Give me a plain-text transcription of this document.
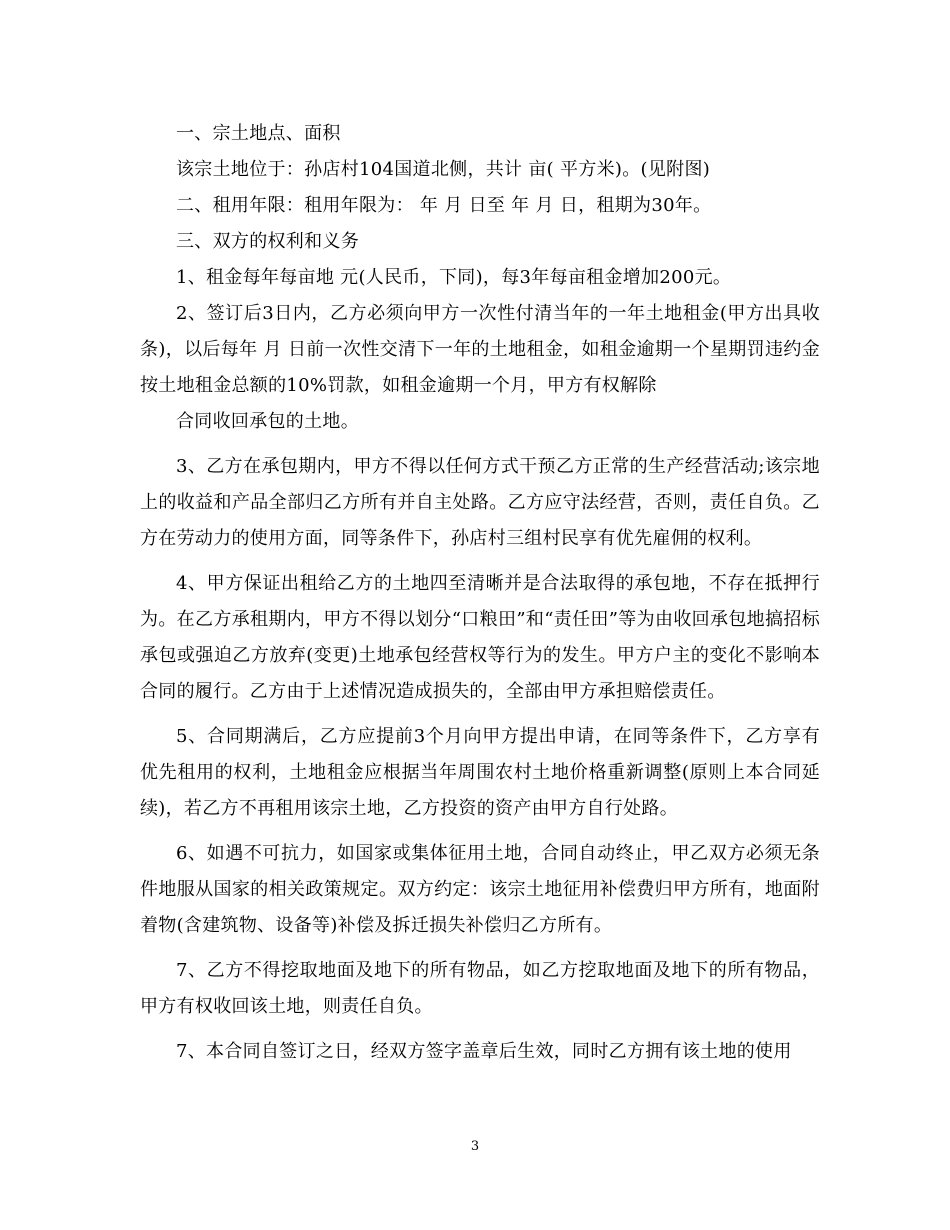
一、宗土地点、面积

该宗土地位于：孙店村104国道北侧，共计 亩( 平方米)。(见附图)

二、租用年限：租用年限为： 年 月 日至 年 月 日，租期为30年。

三、双方的权利和义务

1、租金每年每亩地 元(人民币，下同)，每3年每亩租金增加200元。

2、签订后3日内，乙方必须向甲方一次性付清当年的一年土地租金(甲方出具收条)，以后每年 月 日前一次性交清下一年的土地租金，如租金逾期一个星期罚违约金按土地租金总额的10%罚款，如租金逾期一个月，甲方有权解除

合同收回承包的土地。

3、乙方在承包期内，甲方不得以任何方式干预乙方正常的生产经营活动;该宗地上的收益和产品全部归乙方所有并自主处路。乙方应守法经营，否则，责任自负。乙方在劳动力的使用方面，同等条件下，孙店村三组村民享有优先雇佣的权利。

4、甲方保证出租给乙方的土地四至清晰并是合法取得的承包地，不存在抵押行为。在乙方承租期内，甲方不得以划分“口粮田”和“责任田”等为由收回承包地搞招标承包或强迫乙方放弃(变更)土地承包经营权等行为的发生。甲方户主的变化不影响本合同的履行。乙方由于上述情况造成损失的，全部由甲方承担赔偿责任。

5、合同期满后，乙方应提前3个月向甲方提出申请，在同等条件下，乙方享有优先租用的权利，土地租金应根据当年周围农村土地价格重新调整(原则上本合同延续)，若乙方不再租用该宗土地，乙方投资的资产由甲方自行处路。

6、如遇不可抗力，如国家或集体征用土地，合同自动终止，甲乙双方必须无条件地服从国家的相关政策规定。双方约定：该宗土地征用补偿费归甲方所有，地面附着物(含建筑物、设备等)补偿及拆迁损失补偿归乙方所有。

7、乙方不得挖取地面及地下的所有物品，如乙方挖取地面及地下的所有物品，甲方有权收回该土地，则责任自负。

7、本合同自签订之日，经双方签字盖章后生效，同时乙方拥有该土地的使用

3
